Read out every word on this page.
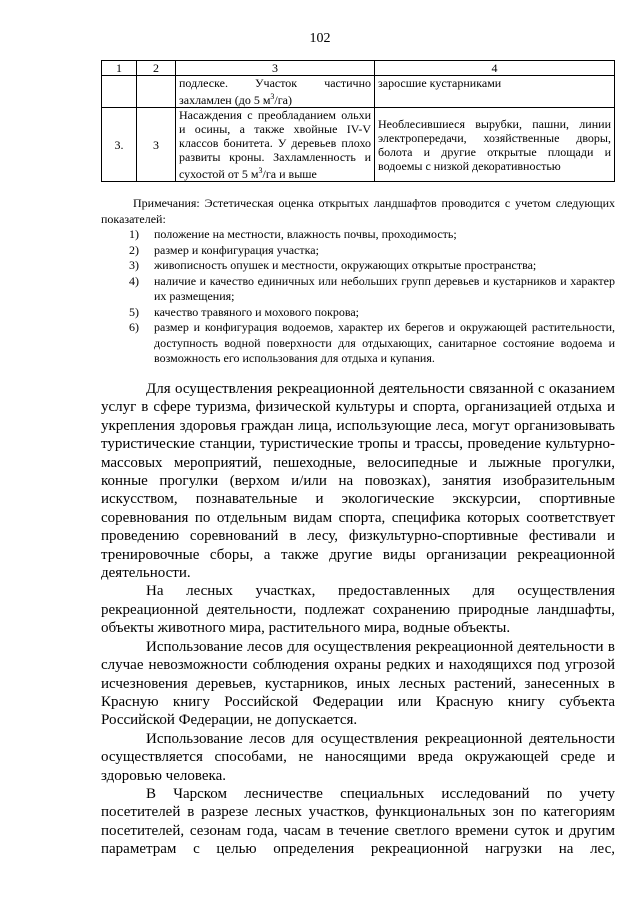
102
1	2	3	4
		подлеске. Участок частично захламлен (до 5 $м^3/га$)	заросшие кустарниками
3.	3	Насаждения с преобладанием ольхи и осины, а также хвойные IV-V классов бонитета. У деревьев плохо развиты кроны. Захламленность и сухостой от 5 $м^3/га$ и выше	Необлесившиеся вырубки, пашни, линии электропередачи, хозяйственные дворы, болота и другие открытые площади и водоемы с низкой декоративностью

Примечания: Эстетическая оценка открытых ландшафтов проводится с учетом следующих показателей:

1) положение на местности, влажность почвы, проходимость;
2) размер и конфигурация участка;
3) живописность опушек и местности, окружающих открытые пространства;
4) наличие и качество единичных или небольших групп деревьев и кустарников и характер их размещения;
5) качество травяного и мохового покрова;
6) размер и конфигурация водоемов, характер их берегов и окружающей растительности, доступность водной поверхности для отдыхающих, санитарное состояние водоема и возможность его использования для отдыха и купания.

Для осуществления рекреационной деятельности связанной с оказанием услуг в сфере туризма, физической культуры и спорта, организацией отдыха и укрепления здоровья граждан лица, использующие леса, могут организовывать туристические станции, туристические тропы и трассы, проведение культурно-массовых мероприятий, пешеходные, велосипедные и лыжные прогулки, конные прогулки (верхом и/или на повозках), занятия изобразительным искусством, познавательные и экологические экскурсии, спортивные соревнования по отдельным видам спорта, специфика которых соответствует проведению соревнований в лесу, физкультурно-спортивные фестивали и тренировочные сборы, а также другие виды организации рекреационной деятельности.

На лесных участках, предоставленных для осуществления рекреационной деятельности, подлежат сохранению природные ландшафты, объекты животного мира, растительного мира, водные объекты.

Использование лесов для осуществления рекреационной деятельности в случае невозможности соблюдения охраны редких и находящихся под угрозой исчезновения деревьев, кустарников, иных лесных растений, занесенных в Красную книгу Российской Федерации или Красную книгу субъекта Российской Федерации, не допускается.

Использование лесов для осуществления рекреационной деятельности осуществляется способами, не наносящими вреда окружающей среде и здоровью человека.

В Чарском лесничестве специальных исследований по учету посетителей в разрезе лесных участков, функциональных зон по категориям посетителей, сезонам года, часам в течение светлого времени суток и другим параметрам с целью определения рекреационной нагрузки на лес,
